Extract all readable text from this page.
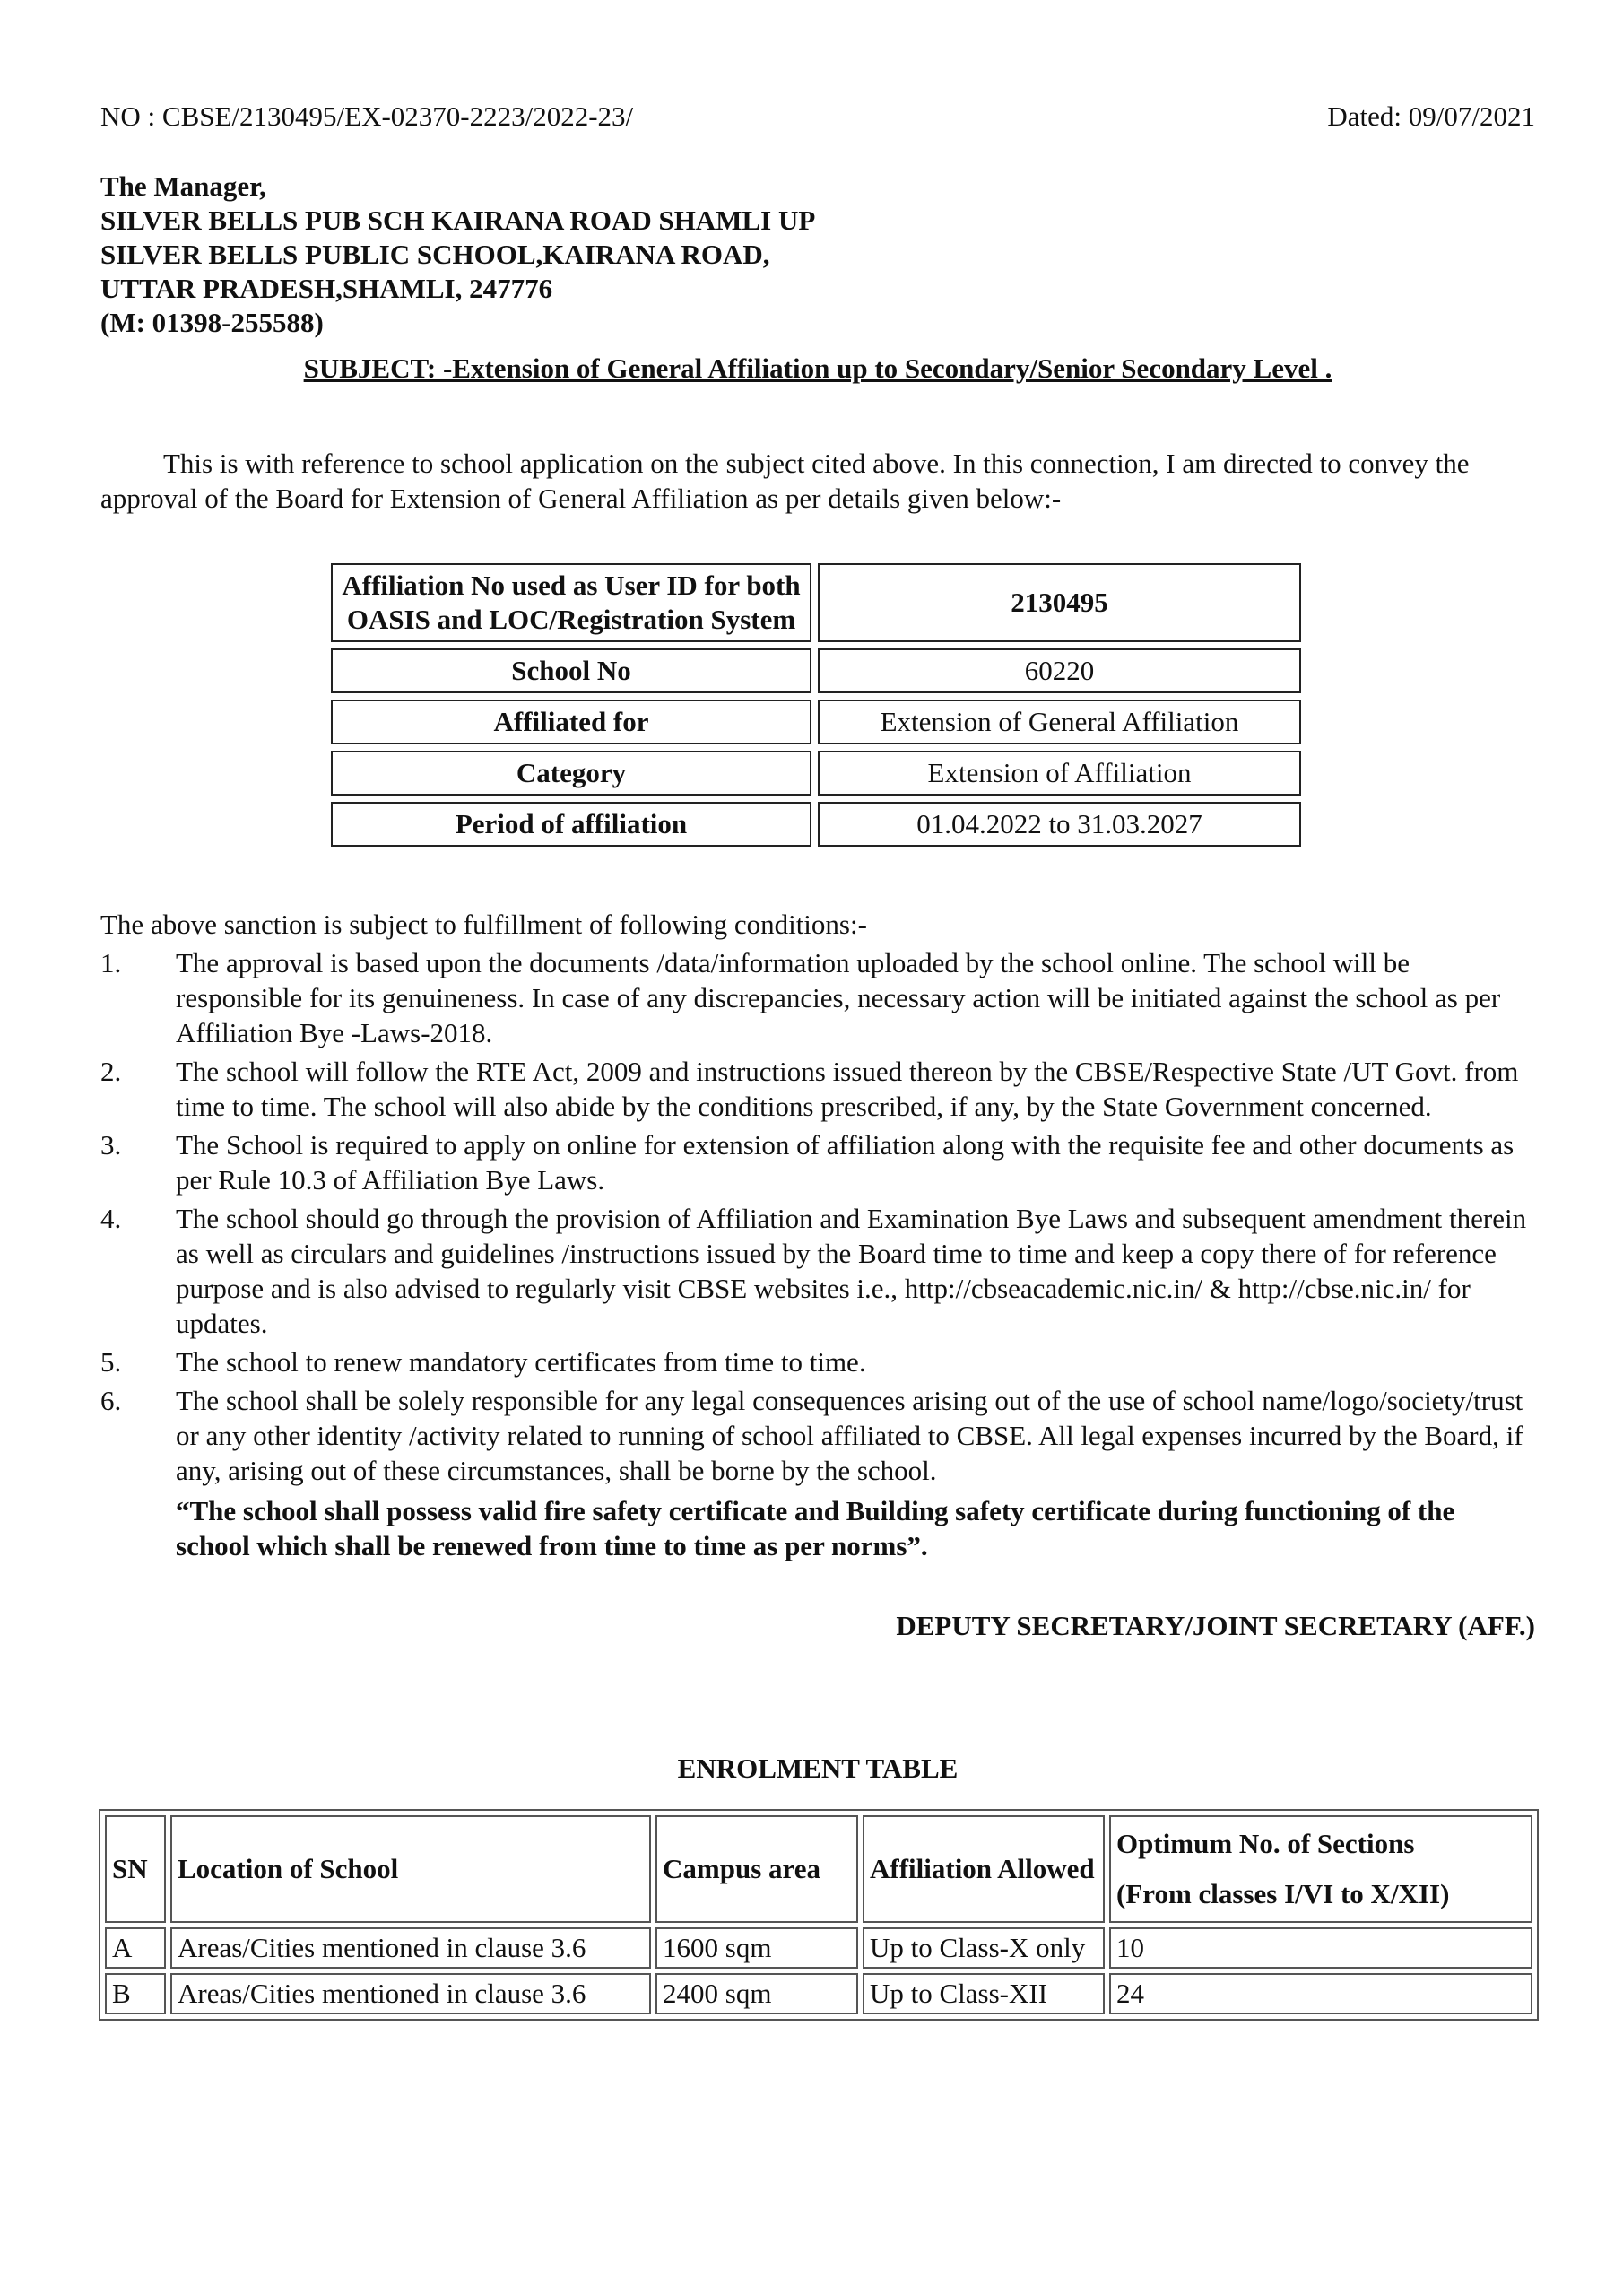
NO : CBSE/2130495/EX-02370-2223/2022-23/	Dated: 09/07/2021
The Manager,
SILVER BELLS PUB SCH KAIRANA ROAD SHAMLI UP
SILVER BELLS PUBLIC SCHOOL,KAIRANA ROAD,
UTTAR PRADESH,SHAMLI, 247776
(M: 01398-255588)
SUBJECT: -Extension of General Affiliation up to Secondary/Senior Secondary Level .
This is with reference to school application on the subject cited above. In this connection, I am directed to convey the approval of the Board for Extension of General Affiliation as per details given below:-
Affiliation No used as User ID for both OASIS and LOC/Registration System	2130495
School No	60220
Affiliated for	Extension of General Affiliation
Category	Extension of Affiliation
Period of affiliation	01.04.2022 to 31.03.2027
The above sanction is subject to fulfillment of following conditions:-
1.	The approval is based upon the documents /data/information uploaded by the school online. The school will be responsible for its genuineness. In case of any discrepancies, necessary action will be initiated against the school as per Affiliation Bye -Laws-2018.
2.	The school will follow the RTE Act, 2009 and instructions issued thereon by the CBSE/Respective State /UT Govt. from time to time. The school will also abide by the conditions prescribed, if any, by the State Government concerned.
3.	The School is required to apply on online for extension of affiliation along with the requisite fee and other documents as per Rule 10.3 of Affiliation Bye Laws.
4.	The school should go through the provision of Affiliation and Examination Bye Laws and subsequent amendment therein as well as circulars and guidelines /instructions issued by the Board time to time and keep a copy there of for reference purpose and is also advised to regularly visit CBSE websites i.e., http://cbseacademic.nic.in/ & http://cbse.nic.in/ for updates.
5.	The school to renew mandatory certificates from time to time.
6.	The school shall be solely responsible for any legal consequences arising out of the use of school name/logo/society/trust or any other identity /activity related to running of school affiliated to CBSE. All legal expenses incurred by the Board, if any, arising out of these circumstances, shall be borne by the school.
“The school shall possess valid fire safety certificate and Building safety certificate during functioning of the school which shall be renewed from time to time as per norms”.
DEPUTY SECRETARY/JOINT SECRETARY (AFF.)
ENROLMENT TABLE
SN	Location of School	Campus area	Affiliation Allowed	Optimum No. of Sections
(From classes I/VI to X/XII)

A	Areas/Cities mentioned in clause 3.6	1600 sqm	Up to Class-X only	10
B	Areas/Cities mentioned in clause 3.6	2400 sqm	Up to Class-XII	24
